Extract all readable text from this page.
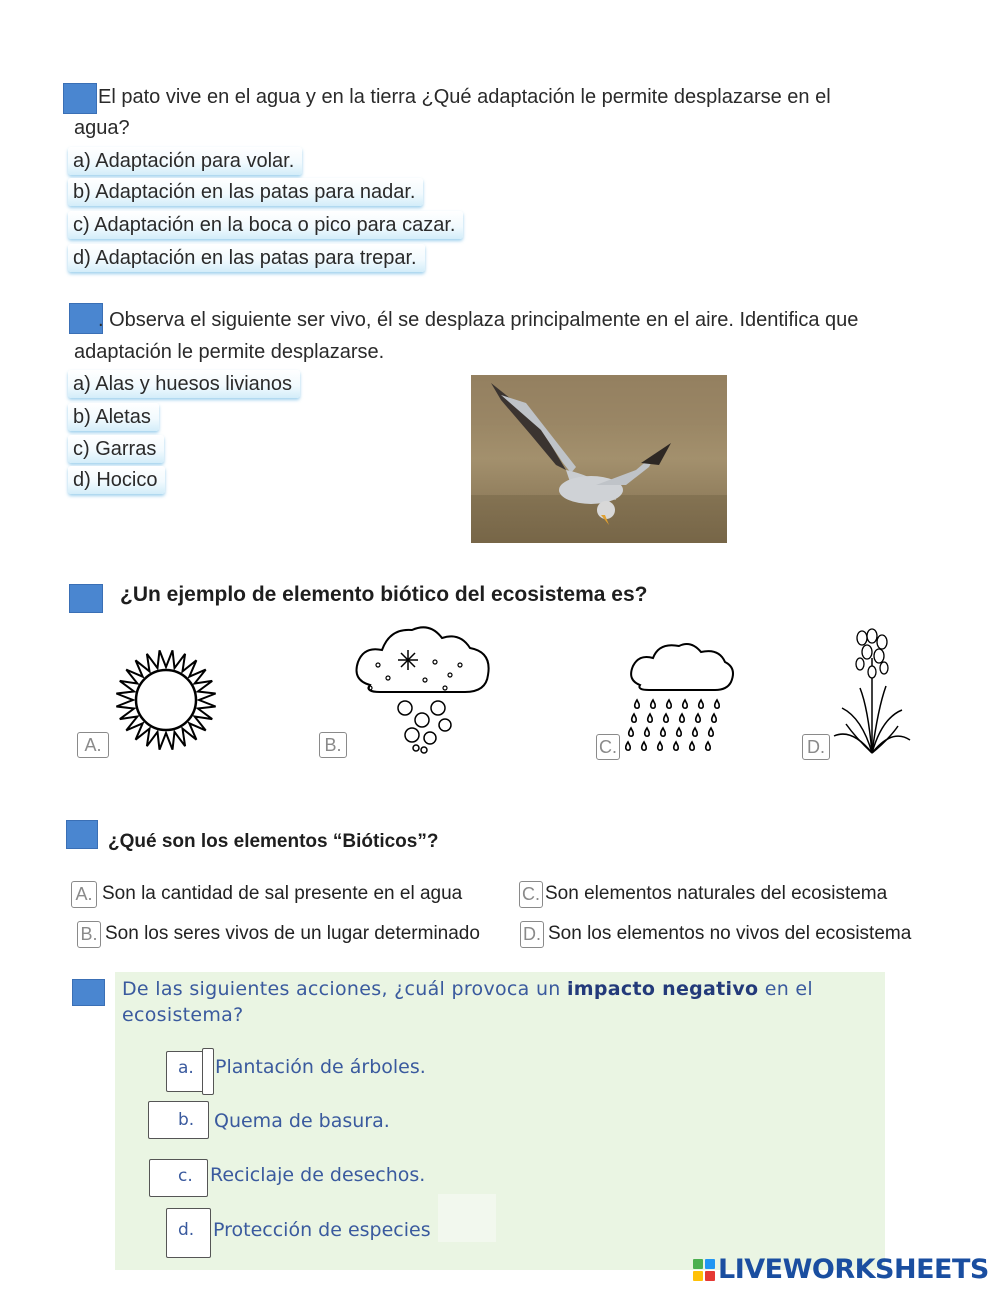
El pato vive en el agua y en la tierra ¿Qué adaptación le permite desplazarse en el
agua?
a) Adaptación para volar.
b) Adaptación en las patas para nadar.
c) Adaptación en la boca o pico para cazar.
d) Adaptación en las patas para trepar.
. Observa el siguiente ser vivo, él se desplaza principalmente en el aire. Identifica que
adaptación le permite desplazarse.
a) Alas y huesos livianos
b) Aletas
c) Garras
d) Hocico
¿Un ejemplo de elemento biótico del ecosistema es?
A.	B.	C.	D.
¿Qué son los elementos “Bióticos”?
A. Son la cantidad de sal presente en el agua	C. Son elementos naturales del ecosistema
B. Son los seres vivos de un lugar determinado D. Son los elementos no vivos del ecosistema
De las siguientes acciones, ¿cuál provoca un impacto negativo en el ecosistema?
a. Plantación de árboles.
b. Quema de basura.
c. Reciclaje de desechos.
d. Protección de especies
LIVEWORKSHEETS
